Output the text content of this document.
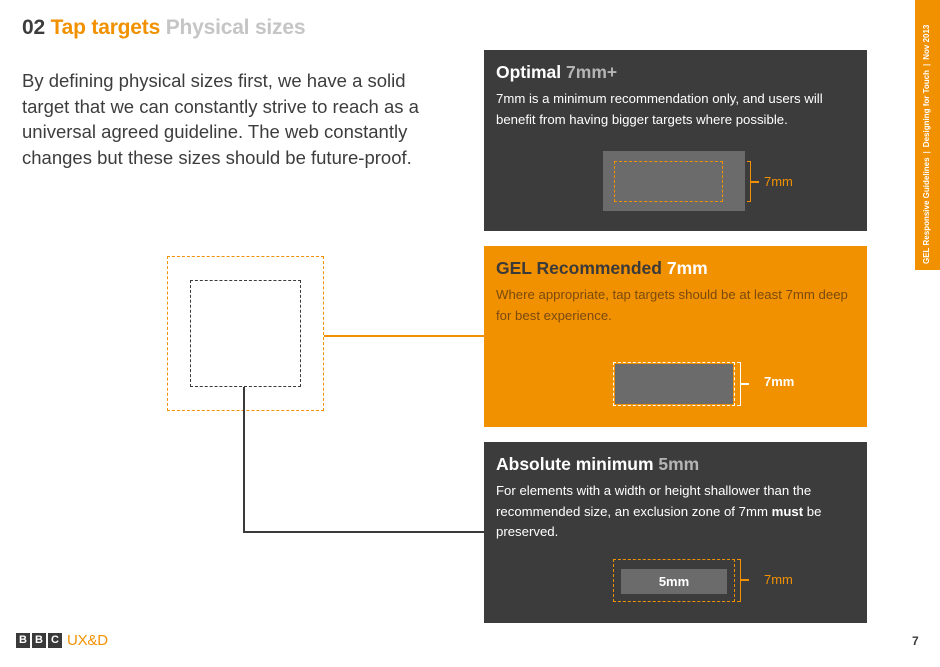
02 Tap targets Physical sizes
By defining physical sizes first, we have a solid target that we can constantly strive to reach as a universal agreed guideline. The web constantly changes but these sizes should be future-proof.
GEL Responsive Guidelines
|
Designing for Touch
|
Nov 2013
Optimal 7mm+

7mm is a minimum recommendation only, and users will benefit from having bigger targets where possible.

7mm
GEL Recommended 7mm

Where appropriate, tap targets should be at least 7mm deep for best experience.

7mm
Absolute minimum 5mm

For elements with a width or height shallower than the recommended size, an exclusion zone of 7mm must be preserved.

5mm	7mm
B B C UX&D	7
